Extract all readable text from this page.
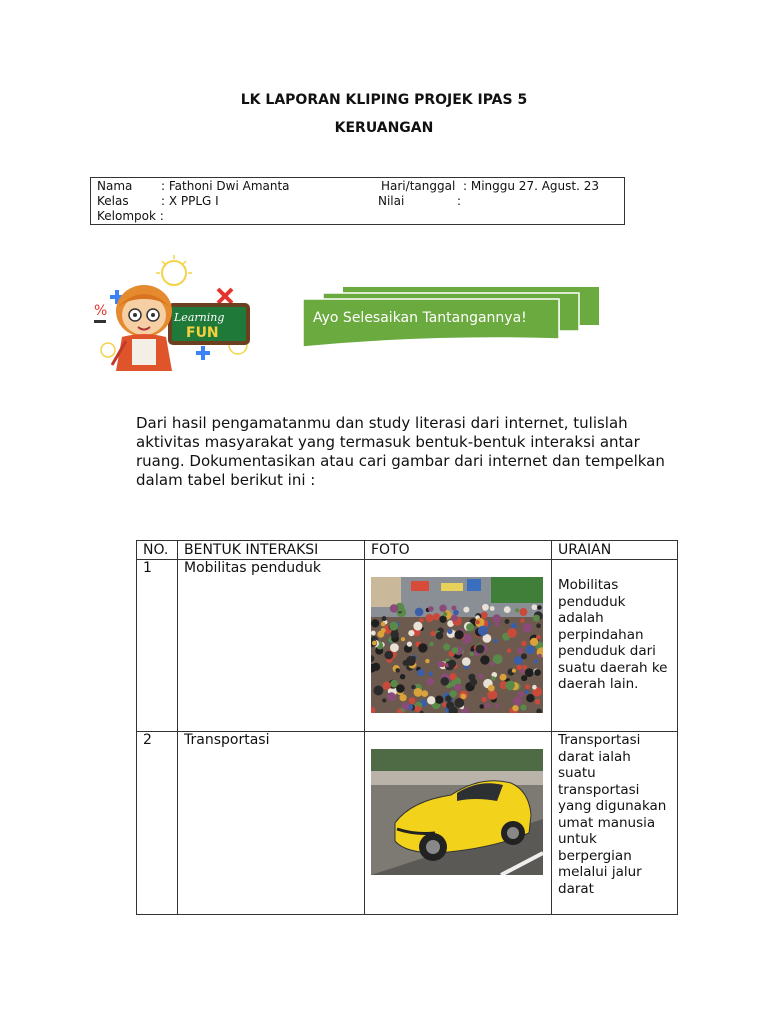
LK LAPORAN KLIPING PROJEK IPAS 5
KERUANGAN
Nama : Fathoni Dwi Amanta	Hari/tanggal : Minggu 27. Agust. 23
Kelas	: X PPLG I	Nilai	:
Kelompok :
%	Learning
FUN
Ayo Selesaikan Tantangannya!
Dari hasil pengamatanmu dan study literasi dari internet, tulislah aktivitas masyarakat yang termasuk bentuk-bentuk interaksi antar ruang. Dokumentasikan atau cari gambar dari internet dan tempelkan dalam tabel berikut ini :
NO.	BENTUK INTERAKSI	FOTO	URAIAN
1	Mobilitas penduduk		Mobilitas penduduk adalah perpindahan penduduk dari suatu daerah ke daerah lain.

2	Transportasi		Transportasi darat ialah suatu transportasi yang digunakan umat manusia untuk berpergian melalui jalur darat
